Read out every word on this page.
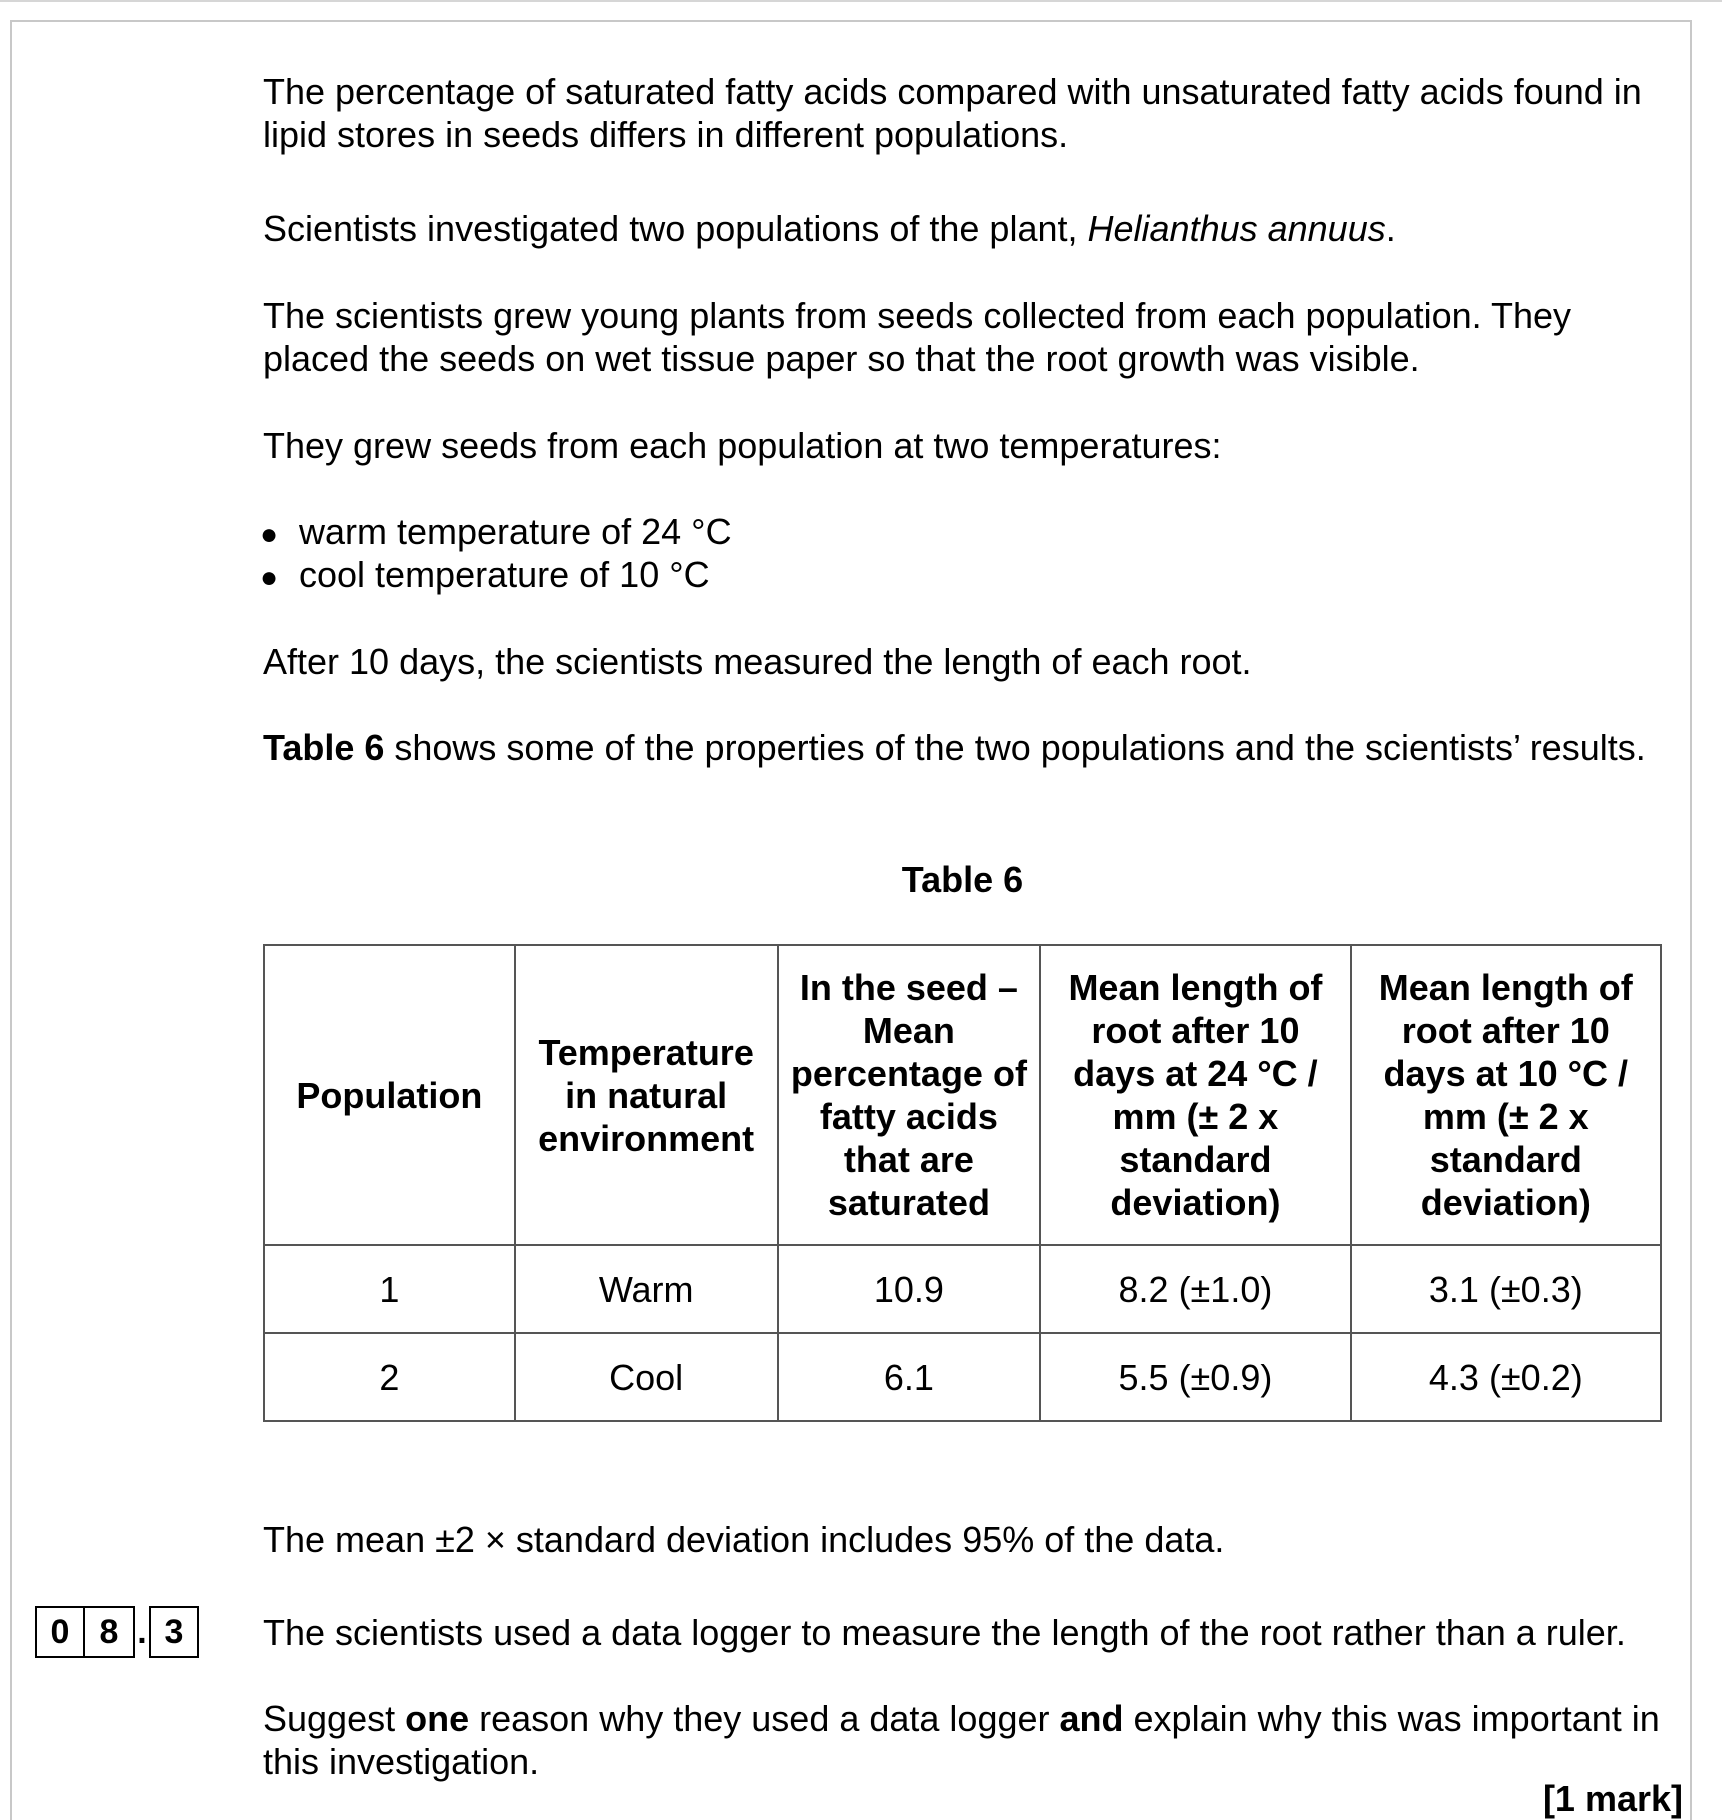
The percentage of saturated fatty acids compared with unsaturated fatty acids found in lipid stores in seeds differs in different populations.

Scientists investigated two populations of the plant, Helianthus annuus.

The scientists grew young plants from seeds collected from each population. They placed the seeds on wet tissue paper so that the root growth was visible.

They grew seeds from each population at two temperatures:

● warm temperature of 24 °C
● cool temperature of 10 °C

After 10 days, the scientists measured the length of each root.

Table 6 shows some of the properties of the two populations and the scientists’ results.

Table 6
Population	Temperature in natural environment	In the seed – Mean percentage of fatty acids that are saturated	Mean length of root after 10 days at 24 °C / mm (± 2 x standard deviation)	Mean length of root after 10 days at 10 °C / mm (± 2 x standard deviation)
1	Warm	10.9	8.2 (±1.0)	3.1 (±0.3)
2	Cool	6.1	5.5 (±0.9)	4.3 (±0.2)

The mean ±2 × standard deviation includes 95% of the data.

The scientists used a data logger to measure the length of the root rather than a ruler.

Suggest one reason why they used a data logger and explain why this was important in this investigation.

[1 mark]
0 8 . 3
